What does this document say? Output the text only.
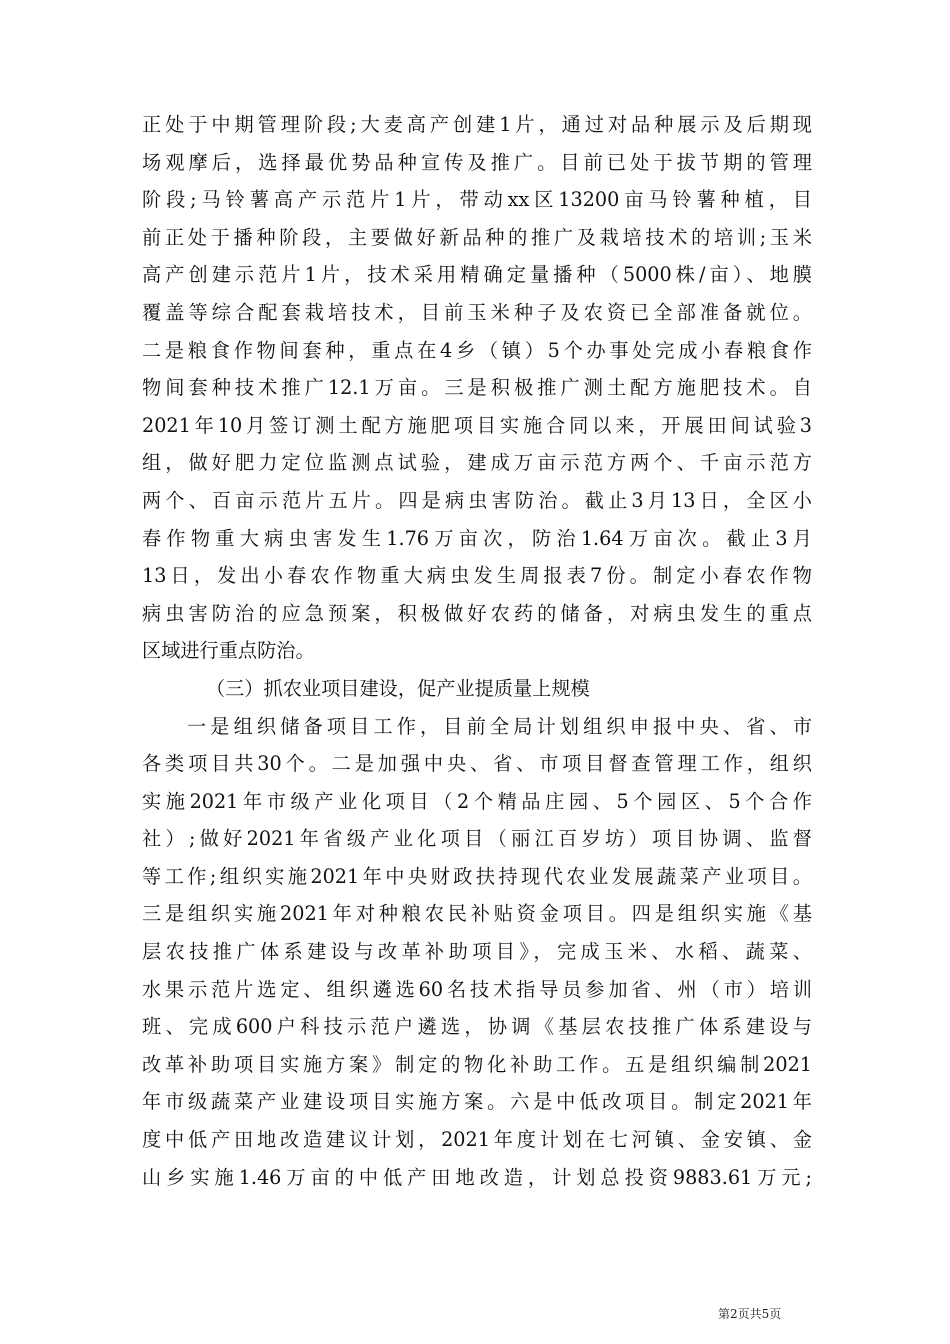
正处于中期管理阶段;大麦高产创建1片，通过对品种展示及后期现
场观摩后，选择最优势品种宣传及推广。目前已处于拔节期的管理
阶段;马铃薯高产示范片1片，带动xx区13200亩马铃薯种植，目
前正处于播种阶段，主要做好新品种的推广及栽培技术的培训;玉米
高产创建示范片1片，技术采用精确定量播种（5000株/亩）、地膜
覆盖等综合配套栽培技术，目前玉米种子及农资已全部准备就位。
二是粮食作物间套种，重点在4乡（镇）5个办事处完成小春粮食作
物间套种技术推广12.1万亩。三是积极推广测土配方施肥技术。自
2021年10月签订测土配方施肥项目实施合同以来，开展田间试验3
组，做好肥力定位监测点试验，建成万亩示范方两个、千亩示范方
两个、百亩示范片五片。四是病虫害防治。截止3月13日，全区小
春作物重大病虫害发生1.76万亩次，防治1.64万亩次。截止3月
13日，发出小春农作物重大病虫发生周报表7份。制定小春农作物
病虫害防治的应急预案，积极做好农药的储备，对病虫发生的重点
区域进行重点防治。
（三）抓农业项目建设，促产业提质量上规模
一是组织储备项目工作，目前全局计划组织申报中央、省、市
各类项目共30个。二是加强中央、省、市项目督查管理工作，组织
实施2021年市级产业化项目（2个精品庄园、5个园区、5个合作
社）;做好2021年省级产业化项目（丽江百岁坊）项目协调、监督
等工作;组织实施2021年中央财政扶持现代农业发展蔬菜产业项目。
三是组织实施2021年对种粮农民补贴资金项目。四是组织实施《基
层农技推广体系建设与改革补助项目》，完成玉米、水稻、蔬菜、
水果示范片选定、组织遴选60名技术指导员参加省、州（市）培训
班、完成600户科技示范户遴选，协调《基层农技推广体系建设与
改革补助项目实施方案》制定的物化补助工作。五是组织编制2021
年市级蔬菜产业建设项目实施方案。六是中低改项目。制定2021年
度中低产田地改造建议计划，2021年度计划在七河镇、金安镇、金
山乡实施1.46万亩的中低产田地改造，计划总投资9883.61万元;
第2页共5页
